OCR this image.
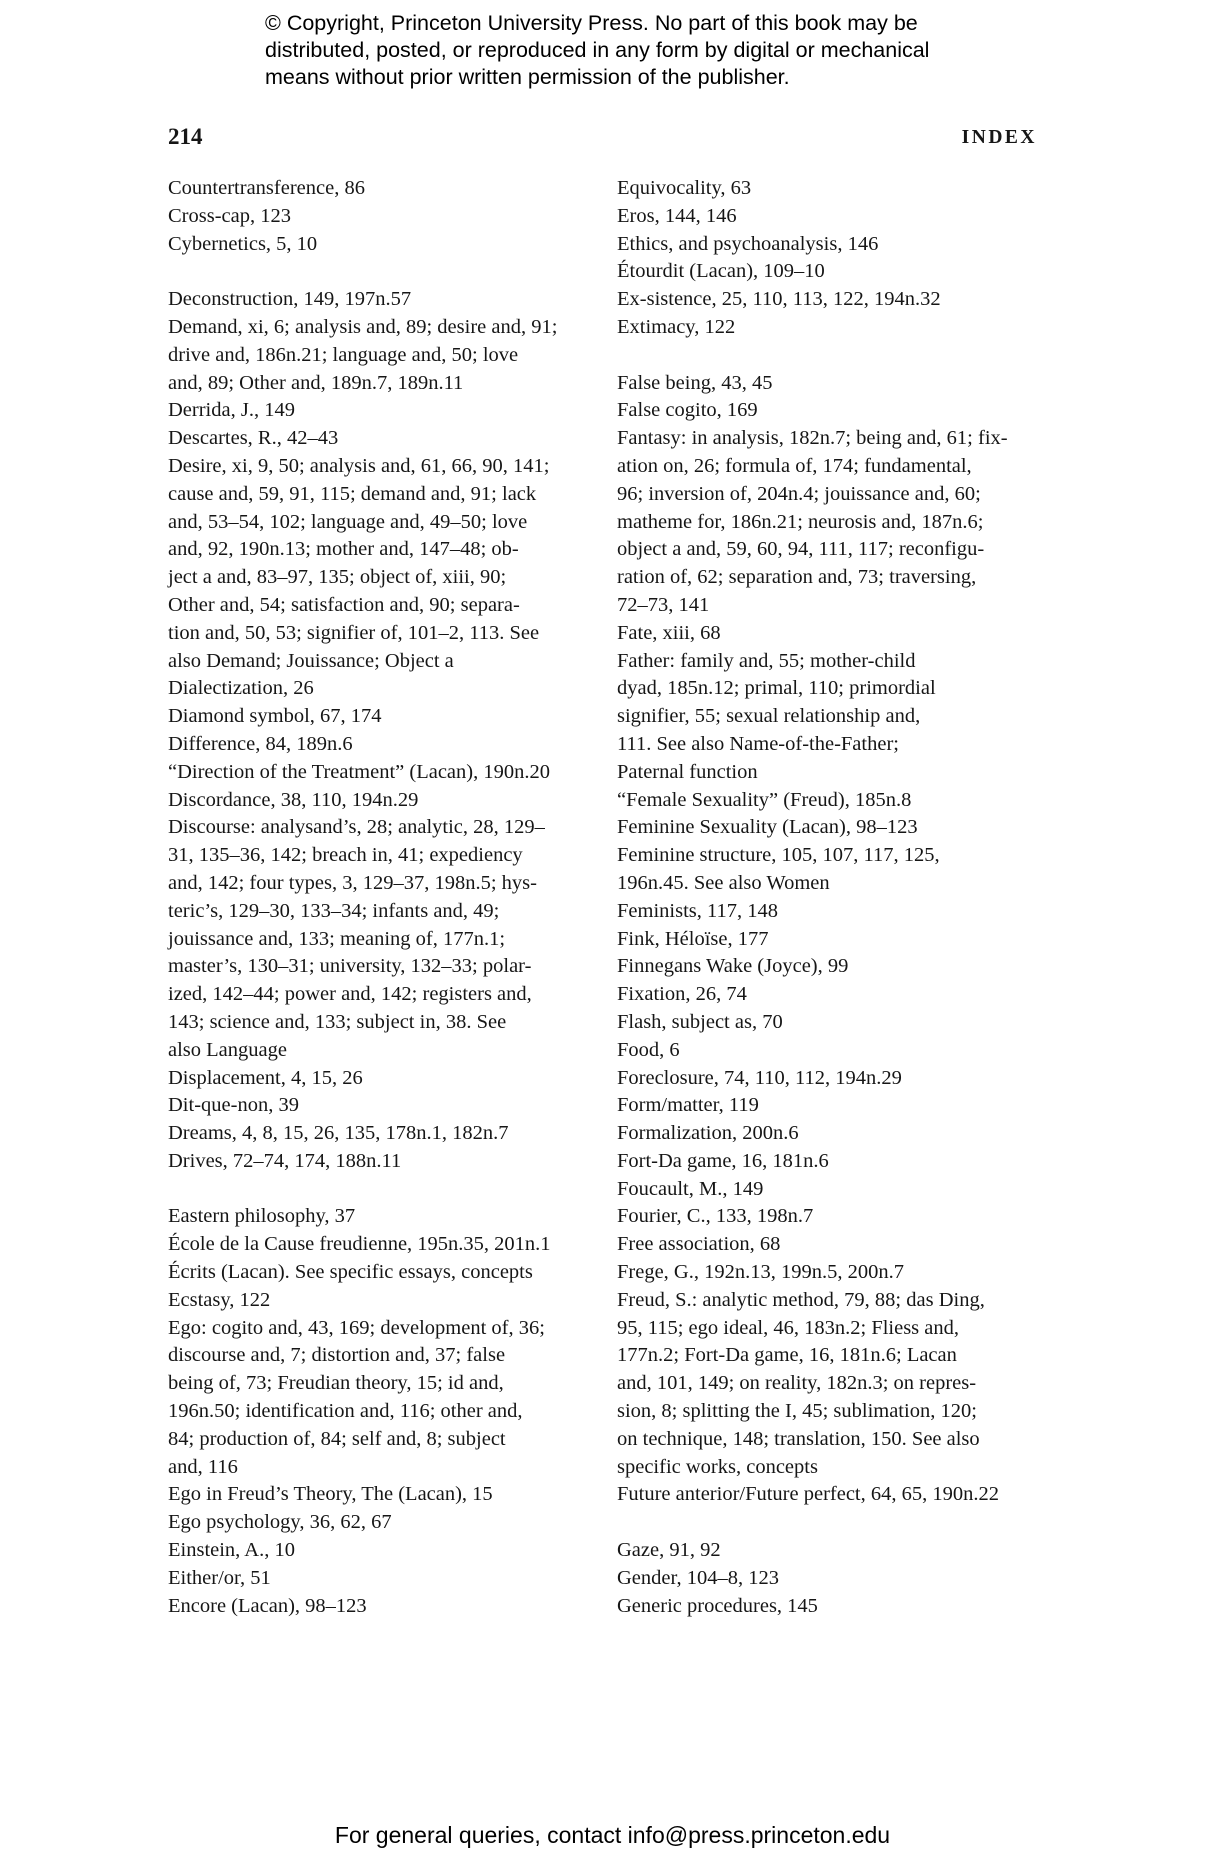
© Copyright, Princeton University Press. No part of this book may be
distributed, posted, or reproduced in any form by digital or mechanical
means without prior written permission of the publisher.
214	INDEX
Countertransference, 86
Cross-cap, 123
Cybernetics, 5, 10
Deconstruction, 149, 197n.57
Demand, xi, 6; analysis and, 89; desire and, 91;
drive and, 186n.21; language and, 50; love
and, 89; Other and, 189n.7, 189n.11
Derrida, J., 149
Descartes, R., 42–43
Desire, xi, 9, 50; analysis and, 61, 66, 90, 141;
cause and, 59, 91, 115; demand and, 91; lack
and, 53–54, 102; language and, 49–50; love
and, 92, 190n.13; mother and, 147–48; ob-
ject a and, 83–97, 135; object of, xiii, 90;
Other and, 54; satisfaction and, 90; separa-
tion and, 50, 53; signifier of, 101–2, 113. See
also Demand; Jouissance; Object a
Dialectization, 26
Diamond symbol, 67, 174
Difference, 84, 189n.6
“Direction of the Treatment” (Lacan), 190n.20
Discordance, 38, 110, 194n.29
Discourse: analysand’s, 28; analytic, 28, 129–
31, 135–36, 142; breach in, 41; expediency
and, 142; four types, 3, 129–37, 198n.5; hys-
teric’s, 129–30, 133–34; infants and, 49;
jouissance and, 133; meaning of, 177n.1;
master’s, 130–31; university, 132–33; polar-
ized, 142–44; power and, 142; registers and,
143; science and, 133; subject in, 38. See
also Language
Displacement, 4, 15, 26
Dit-que-non, 39
Dreams, 4, 8, 15, 26, 135, 178n.1, 182n.7
Drives, 72–74, 174, 188n.11
Eastern philosophy, 37
École de la Cause freudienne, 195n.35, 201n.1
Écrits (Lacan). See specific essays, concepts
Ecstasy, 122
Ego: cogito and, 43, 169; development of, 36;
discourse and, 7; distortion and, 37; false
being of, 73; Freudian theory, 15; id and,
196n.50; identification and, 116; other and,
84; production of, 84; self and, 8; subject
and, 116
Ego in Freud’s Theory, The (Lacan), 15
Ego psychology, 36, 62, 67
Einstein, A., 10
Either/or, 51
Encore (Lacan), 98–123
Equivocality, 63
Eros, 144, 146
Ethics, and psychoanalysis, 146
Étourdit (Lacan), 109–10
Ex-sistence, 25, 110, 113, 122, 194n.32
Extimacy, 122
False being, 43, 45
False cogito, 169
Fantasy: in analysis, 182n.7; being and, 61; fix-
ation on, 26; formula of, 174; fundamental,
96; inversion of, 204n.4; jouissance and, 60;
matheme for, 186n.21; neurosis and, 187n.6;
object a and, 59, 60, 94, 111, 117; reconfigu-
ration of, 62; separation and, 73; traversing,
72–73, 141
Fate, xiii, 68
Father: family and, 55; mother-child
dyad, 185n.12; primal, 110; primordial
signifier, 55; sexual relationship and,
111. See also Name-of-the-Father;
Paternal function
“Female Sexuality” (Freud), 185n.8
Feminine Sexuality (Lacan), 98–123
Feminine structure, 105, 107, 117, 125,
196n.45. See also Women
Feminists, 117, 148
Fink, Héloïse, 177
Finnegans Wake (Joyce), 99
Fixation, 26, 74
Flash, subject as, 70
Food, 6
Foreclosure, 74, 110, 112, 194n.29
Form/matter, 119
Formalization, 200n.6
Fort-Da game, 16, 181n.6
Foucault, M., 149
Fourier, C., 133, 198n.7
Free association, 68
Frege, G., 192n.13, 199n.5, 200n.7
Freud, S.: analytic method, 79, 88; das Ding,
95, 115; ego ideal, 46, 183n.2; Fliess and,
177n.2; Fort-Da game, 16, 181n.6; Lacan
and, 101, 149; on reality, 182n.3; on repres-
sion, 8; splitting the I, 45; sublimation, 120;
on technique, 148; translation, 150. See also
specific works, concepts
Future anterior/Future perfect, 64, 65, 190n.22
Gaze, 91, 92
Gender, 104–8, 123
Generic procedures, 145
For general queries, contact info@press.princeton.edu
